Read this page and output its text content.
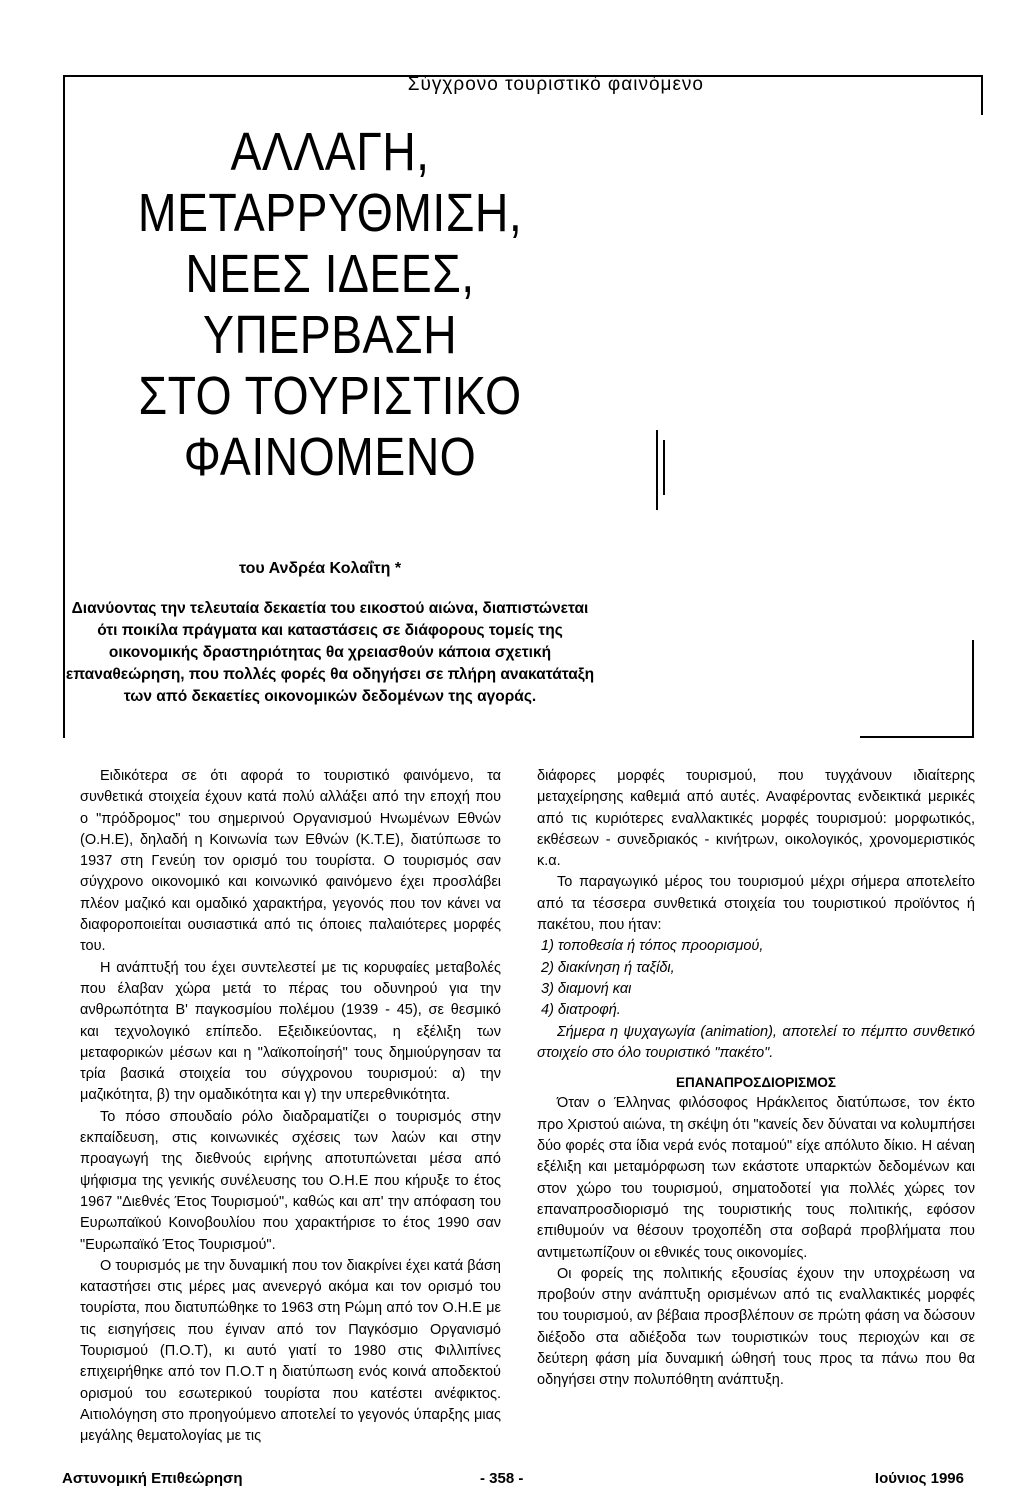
Σύγχρονο τουριστικό φαινόμενο
ΑΛΛΑΓΗ,
ΜΕΤΑΡΡΥΘΜΙΣΗ,
ΝΕΕΣ ΙΔΕΕΣ,
ΥΠΕΡΒΑΣΗ
ΣΤΟ ΤΟΥΡΙΣΤΙΚΟ
ΦΑΙΝΟΜΕΝΟ
του Ανδρέα Κολαΐτη *
Διανύοντας την τελευταία δεκαετία του εικοστού αιώνα, διαπιστώνεται ότι ποικίλα πράγματα και καταστάσεις σε διάφορους τομείς της οικονομικής δραστηριότητας θα χρειασθούν κάποια σχετική επαναθεώρηση, που πολλές φορές θα οδηγήσει σε πλήρη ανακατάταξη των από δεκαετίες οικονομικών δεδομένων της αγοράς.

Ειδικότερα σε ότι αφορά το τουριστικό φαινόμενο, τα συνθετικά στοιχεία έχουν κατά πολύ αλλάξει από την εποχή που ο "πρόδρομος" του σημερινού Οργανισμού Ηνωμένων Εθνών (Ο.Η.Ε), δηλαδή η Κοινωνία των Εθνών (Κ.Τ.Ε), διατύπωσε το 1937 στη Γενεύη τον ορισμό του τουρίστα. Ο τουρισμός σαν σύγχρονο οικονομικό και κοινωνικό φαινόμενο έχει προσλάβει πλέον μαζικό και ομαδικό χαρακτήρα, γεγονός που τον κάνει να διαφοροποιείται ουσιαστικά από τις όποιες παλαιότερες μορφές του.

Η ανάπτυξή του έχει συντελεστεί με τις κορυφαίες μεταβολές που έλαβαν χώρα μετά το πέρας του οδυνηρού για την ανθρωπότητα Β' παγκοσμίου πολέμου (1939 - 45), σε θεσμικό και τεχνολογικό επίπεδο. Εξειδικεύοντας, η εξέλιξη των μεταφορικών μέσων και η "λαϊκοποίησή" τους δημιούργησαν τα τρία βασικά στοιχεία του σύγχρονου τουρισμού: α) την μαζικότητα, β) την ομαδικότητα και γ) την υπερεθνικότητα.

Το πόσο σπουδαίο ρόλο διαδραματίζει ο τουρισμός στην εκπαίδευση, στις κοινωνικές σχέσεις των λαών και στην προαγωγή της διεθνούς ειρήνης αποτυπώνεται μέσα από ψήφισμα της γενικής συνέλευσης του Ο.Η.Ε που κήρυξε το έτος 1967 "Διεθνές Έτος Τουρισμού", καθώς και απ' την απόφαση του Ευρωπαϊκού Κοινοβουλίου που χαρακτήρισε το έτος 1990 σαν "Ευρωπαϊκό Έτος Τουρισμού".

Ο τουρισμός με την δυναμική που τον διακρίνει έχει κατά βάση καταστήσει στις μέρες μας ανενεργό ακόμα και τον ορισμό του τουρίστα, που διατυπώθηκε το 1963 στη Ρώμη από τον Ο.Η.Ε με τις εισηγήσεις που έγιναν από τον Παγκόσμιο Οργανισμό Τουρισμού (Π.Ο.Τ), κι αυτό γιατί το 1980 στις Φιλλιπίνες επιχειρήθηκε από τον Π.Ο.Τ η διατύπωση ενός κοινά αποδεκτού ορισμού του εσωτερικού τουρίστα που κατέστει ανέφικτος. Αιτιολόγηση στο προηγούμενο αποτελεί το γεγονός ύπαρξης μιας μεγάλης θεματολογίας με τις

διάφορες μορφές τουρισμού, που τυγχάνουν ιδιαίτερης μεταχείρησης καθεμιά από αυτές. Αναφέροντας ενδεικτικά μερικές από τις κυριότερες εναλλακτικές μορφές τουρισμού: μορφωτικός, εκθέσεων - συνεδριακός - κινήτρων, οικολογικός, χρονομεριστικός κ.α.

Το παραγωγικό μέρος του τουρισμού μέχρι σήμερα αποτελείτο από τα τέσσερα συνθετικά στοιχεία του τουριστικού προϊόντος ή πακέτου, που ήταν:

1) τοποθεσία ή τόπος προορισμού,
2) διακίνηση ή ταξίδι,
3) διαμονή και
4) διατροφή.

Σήμερα η ψυχαγωγία (animation), αποτελεί το πέμπτο συνθετικό στοιχείο στο όλο τουριστικό "πακέτο".

ΕΠΑΝΑΠΡΟΣΔΙΟΡΙΣΜΟΣ

Όταν ο Έλληνας φιλόσοφος Ηράκλειτος διατύπωσε, τον έκτο προ Χριστού αιώνα, τη σκέψη ότι "κανείς δεν δύναται να κολυμπήσει δύο φορές στα ίδια νερά ενός ποταμού" είχε απόλυτο δίκιο. Η αέναη εξέλιξη και μεταμόρφωση των εκάστοτε υπαρκτών δεδομένων και στον χώρο του τουρισμού, σηματοδοτεί για πολλές χώρες τον επαναπροσδιορισμό της τουριστικής τους πολιτικής, εφόσον επιθυμούν να θέσουν τροχοπέδη στα σοβαρά προβλήματα που αντιμετωπίζουν οι εθνικές τους οικονομίες.

Οι φορείς της πολιτικής εξουσίας έχουν την υποχρέωση να προβούν στην ανάπτυξη ορισμένων από τις εναλλακτικές μορφές του τουρισμού, αν βέβαια προσβλέπουν σε πρώτη φάση να δώσουν διέξοδο στα αδιέξοδα των τουριστικών τους περιοχών και σε δεύτερη φάση μία δυναμική ώθησή τους προς τα πάνω που θα οδηγήσει στην πολυπόθητη ανάπτυξη.

Αστυνομική Επιθεώρηση	- 358 -	Ιούνιος 1996
